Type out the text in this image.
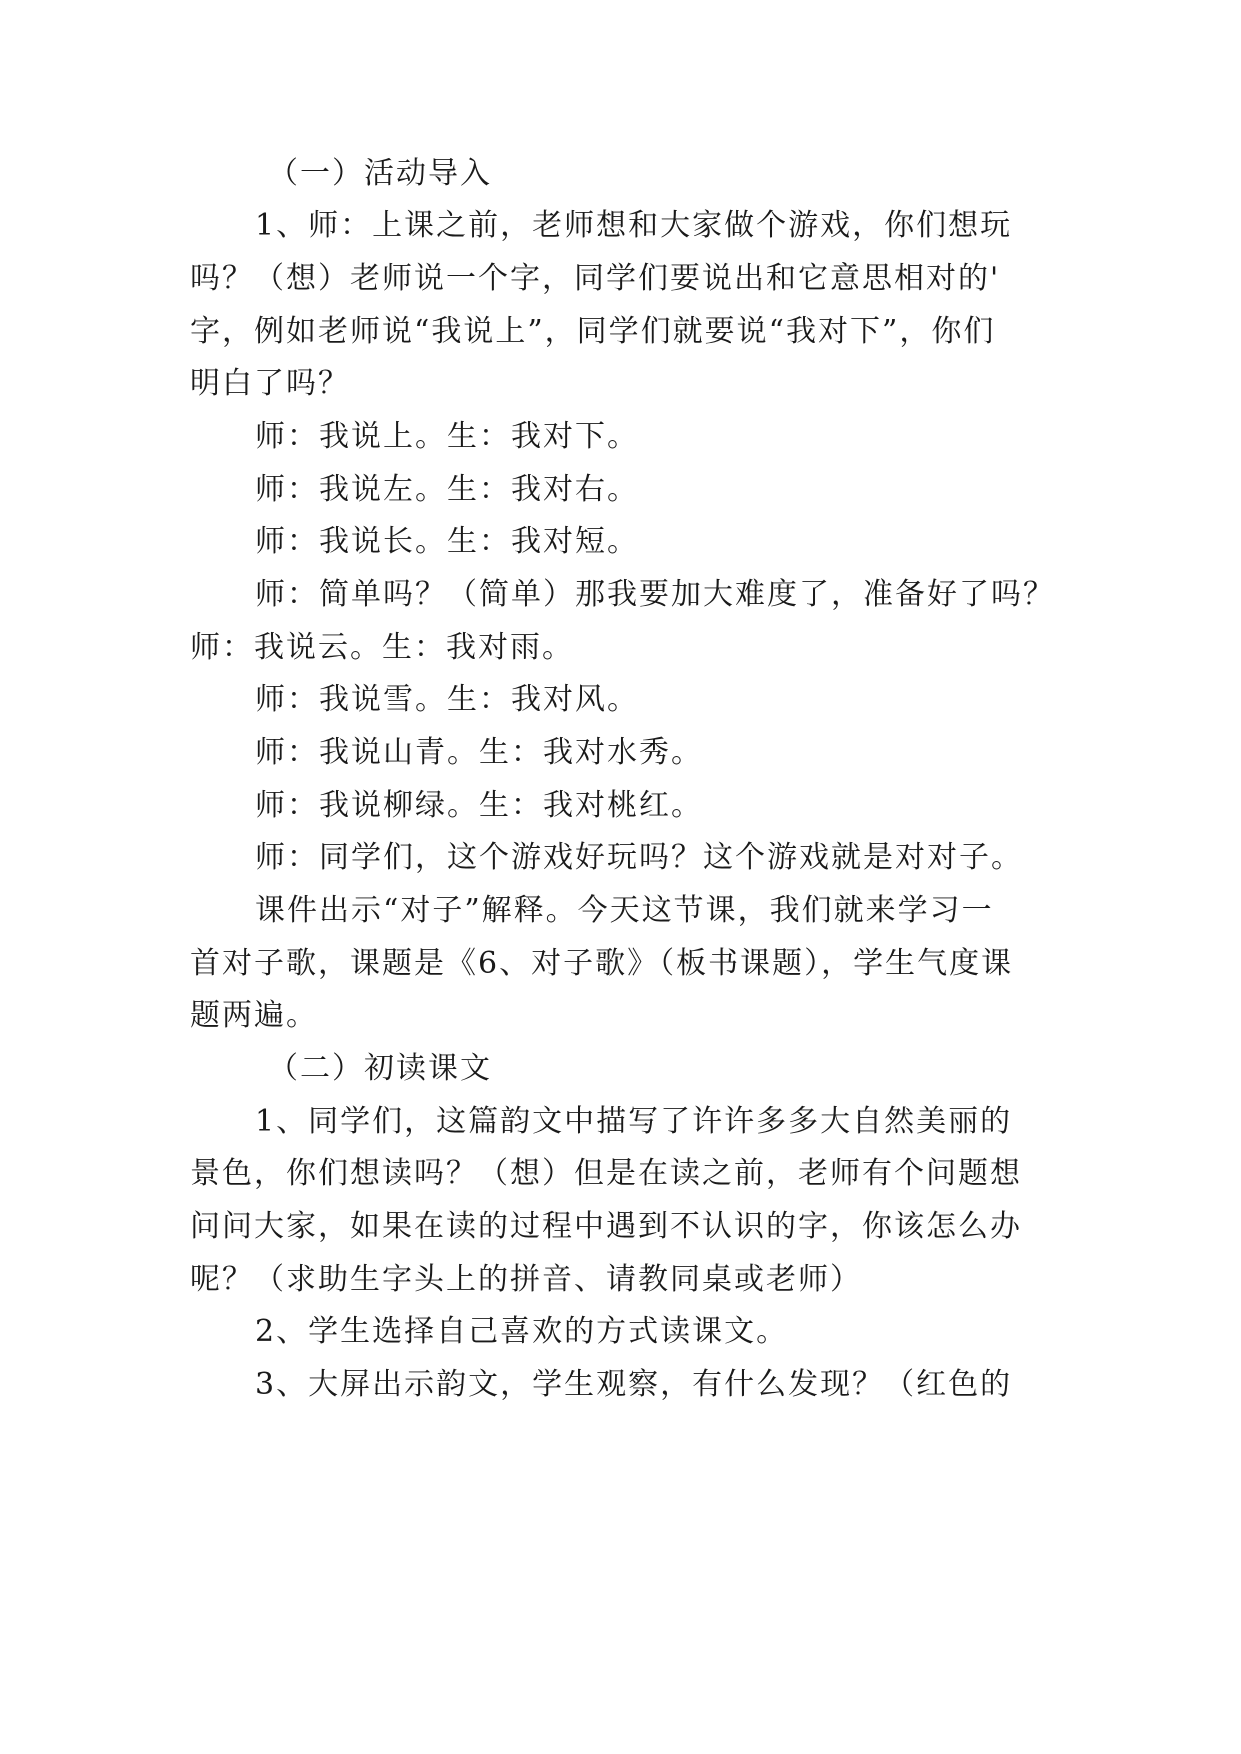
（一）活动导入
1、师：上课之前，老师想和大家做个游戏，你们想玩
吗？（想）老师说一个字，同学们要说出和它意思相对的'
字，例如老师说“我说上”，同学们就要说“我对下”，你们
明白了吗？
师：我说上。生：我对下。
师：我说左。生：我对右。
师：我说长。生：我对短。
师：简单吗？（简单）那我要加大难度了，准备好了吗？
师：我说云。生：我对雨。
师：我说雪。生：我对风。
师：我说山青。生：我对水秀。
师：我说柳绿。生：我对桃红。
师：同学们，这个游戏好玩吗？这个游戏就是对对子。
课件出示“对子”解释。今天这节课，我们就来学习一
首对子歌，课题是《6、对子歌》（板书课题），学生气度课
题两遍。
（二）初读课文
1、同学们，这篇韵文中描写了许许多多大自然美丽的
景色，你们想读吗？（想）但是在读之前，老师有个问题想
问问大家，如果在读的过程中遇到不认识的字，你该怎么办
呢？（求助生字头上的拼音、请教同桌或老师）
2、学生选择自己喜欢的方式读课文。
3、大屏出示韵文，学生观察，有什么发现？（红色的
